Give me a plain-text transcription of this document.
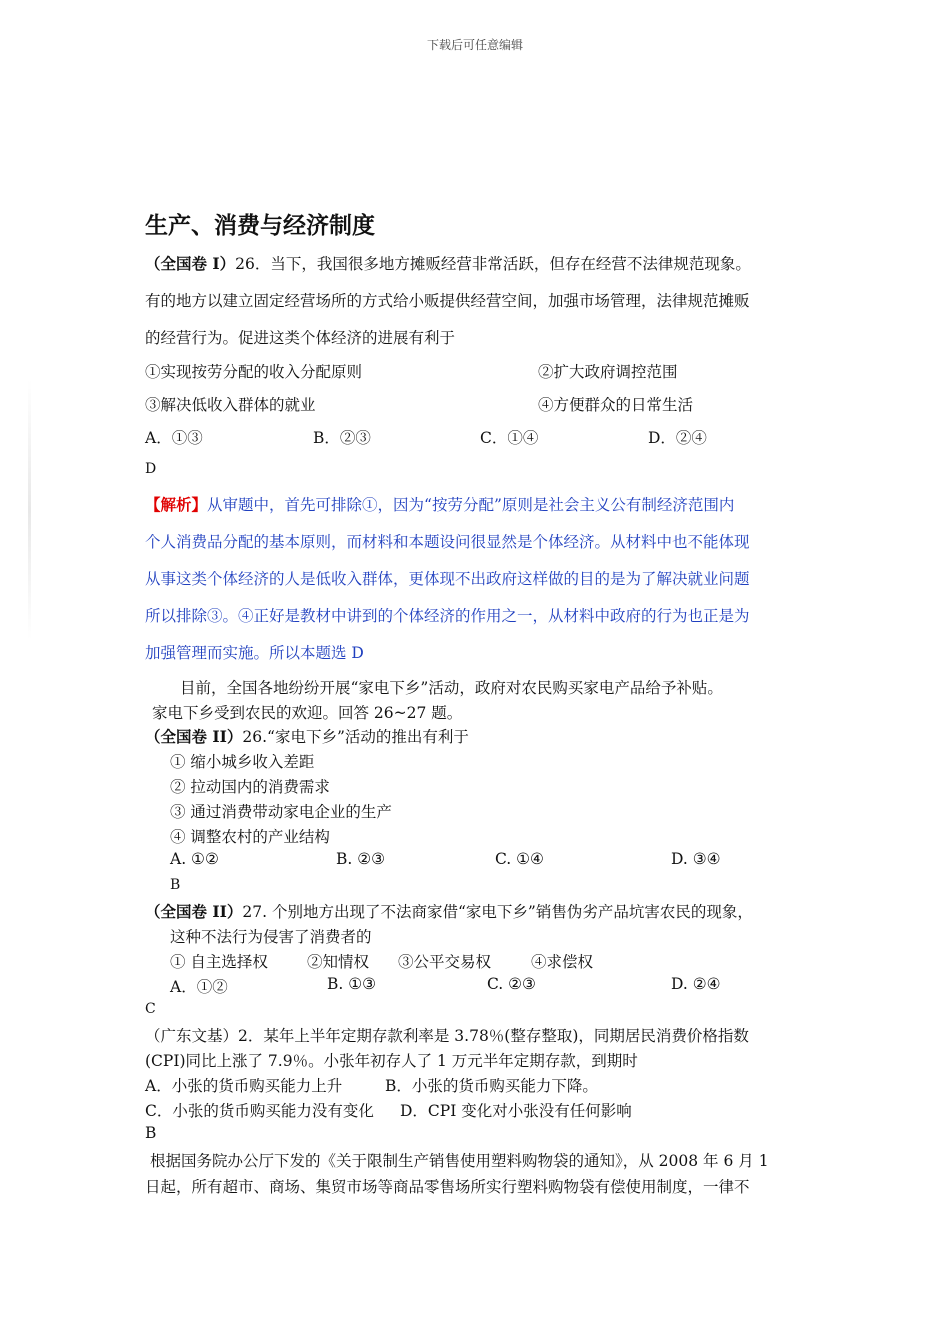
下载后可任意编辑
生产、消费与经济制度
（全国卷 I）26．当下，我国很多地方摊贩经营非常活跃，但存在经营不法律规范现象。
有的地方以建立固定经营场所的方式给小贩提供经营空间，加强市场管理，法律规范摊贩
的经营行为。促进这类个体经济的进展有利于
①实现按劳分配的收入分配原则	②扩大政府调控范围
③解决低收入群体的就业	④方便群众的日常生活
A．①③	B．②③	C．①④	D．②④
D
【解析】从审题中，首先可排除①，因为“按劳分配”原则是社会主义公有制经济范围内
个人消费品分配的基本原则，而材料和本题设问很显然是个体经济。从材料中也不能体现
从事这类个体经济的人是低收入群体，更体现不出政府这样做的目的是为了解决就业问题
所以排除③。④正好是教材中讲到的个体经济的作用之一，从材料中政府的行为也正是为
加强管理而实施。所以本题选 D
目前，全国各地纷纷开展“家电下乡”活动，政府对农民购买家电产品给予补贴。
家电下乡受到农民的欢迎。回答 26~27 题。
（全国卷 II）26.“家电下乡”活动的推出有利于
① 缩小城乡收入差距
② 拉动国内的消费需求
③ 通过消费带动家电企业的生产
④ 调整农村的产业结构
A. ①②	B. ②③	C. ①④	D. ③④
B
（全国卷 II）27. 个别地方出现了不法商家借“家电下乡”销售伪劣产品坑害农民的现象，
这种不法行为侵害了消费者的
① 自主选择权	②知情权 ③公平交易权	④求偿权
A．①②	B. ①③	C. ②③	D. ②④
C
（广东文基）2．某年上半年定期存款利率是 3.78％(整存整取)，同期居民消费价格指数
(CPI)同比上涨了 7.9％。小张年初存人了 1 万元半年定期存款，到期时
A．小张的货币购买能力上升	B．小张的货币购买能力下降。
C．小张的货币购买能力没有变化 D．CPI 变化对小张没有任何影响
B
根据国务院办公厅下发的《关于限制生产销售使用塑料购物袋的通知》，从 2008 年 6 月 1
日起，所有超市、商场、集贸市场等商品零售场所实行塑料购物袋有偿使用制度，一律不
